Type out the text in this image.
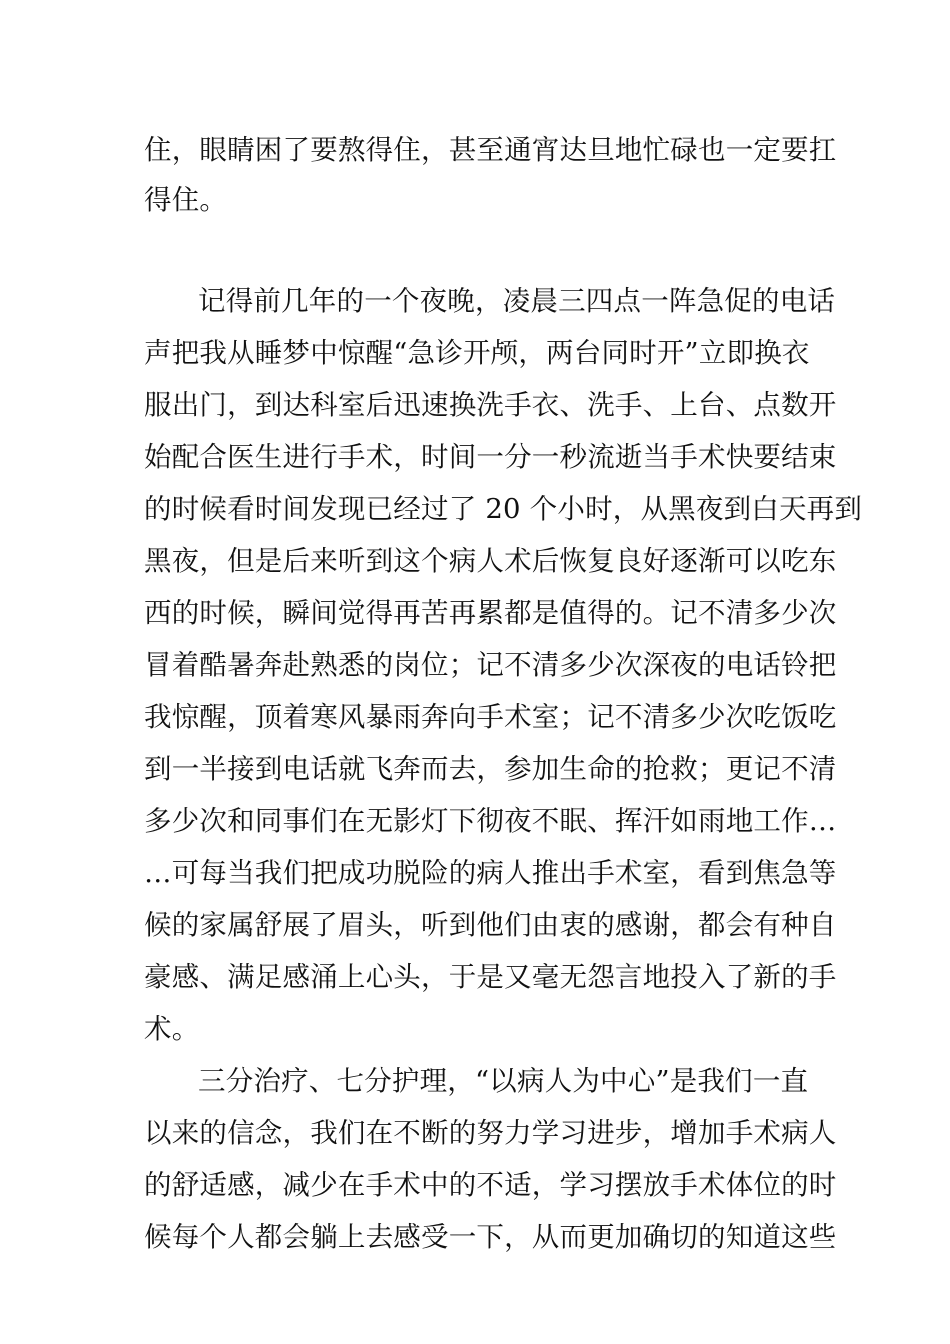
住，眼睛困了要熬得住，甚至通宵达旦地忙碌也一定要扛
得住。
记得前几年的一个夜晚，凌晨三四点一阵急促的电话
声把我从睡梦中惊醒“急诊开颅，两台同时开”立即换衣
服出门，到达科室后迅速换洗手衣、洗手、上台、点数开
始配合医生进行手术，时间一分一秒流逝当手术快要结束
的时候看时间发现已经过了 20 个小时，从黑夜到白天再到
黑夜，但是后来听到这个病人术后恢复良好逐渐可以吃东
西的时候，瞬间觉得再苦再累都是值得的。记不清多少次
冒着酷暑奔赴熟悉的岗位；记不清多少次深夜的电话铃把
我惊醒，顶着寒风暴雨奔向手术室；记不清多少次吃饭吃
到一半接到电话就飞奔而去，参加生命的抢救；更记不清
多少次和同事们在无影灯下彻夜不眠、挥汗如雨地工作…
…可每当我们把成功脱险的病人推出手术室，看到焦急等
候的家属舒展了眉头，听到他们由衷的感谢，都会有种自
豪感、满足感涌上心头，于是又毫无怨言地投入了新的手
术。
三分治疗、七分护理，“以病人为中心”是我们一直
以来的信念，我们在不断的努力学习进步，增加手术病人
的舒适感，减少在手术中的不适，学习摆放手术体位的时
候每个人都会躺上去感受一下，从而更加确切的知道这些
